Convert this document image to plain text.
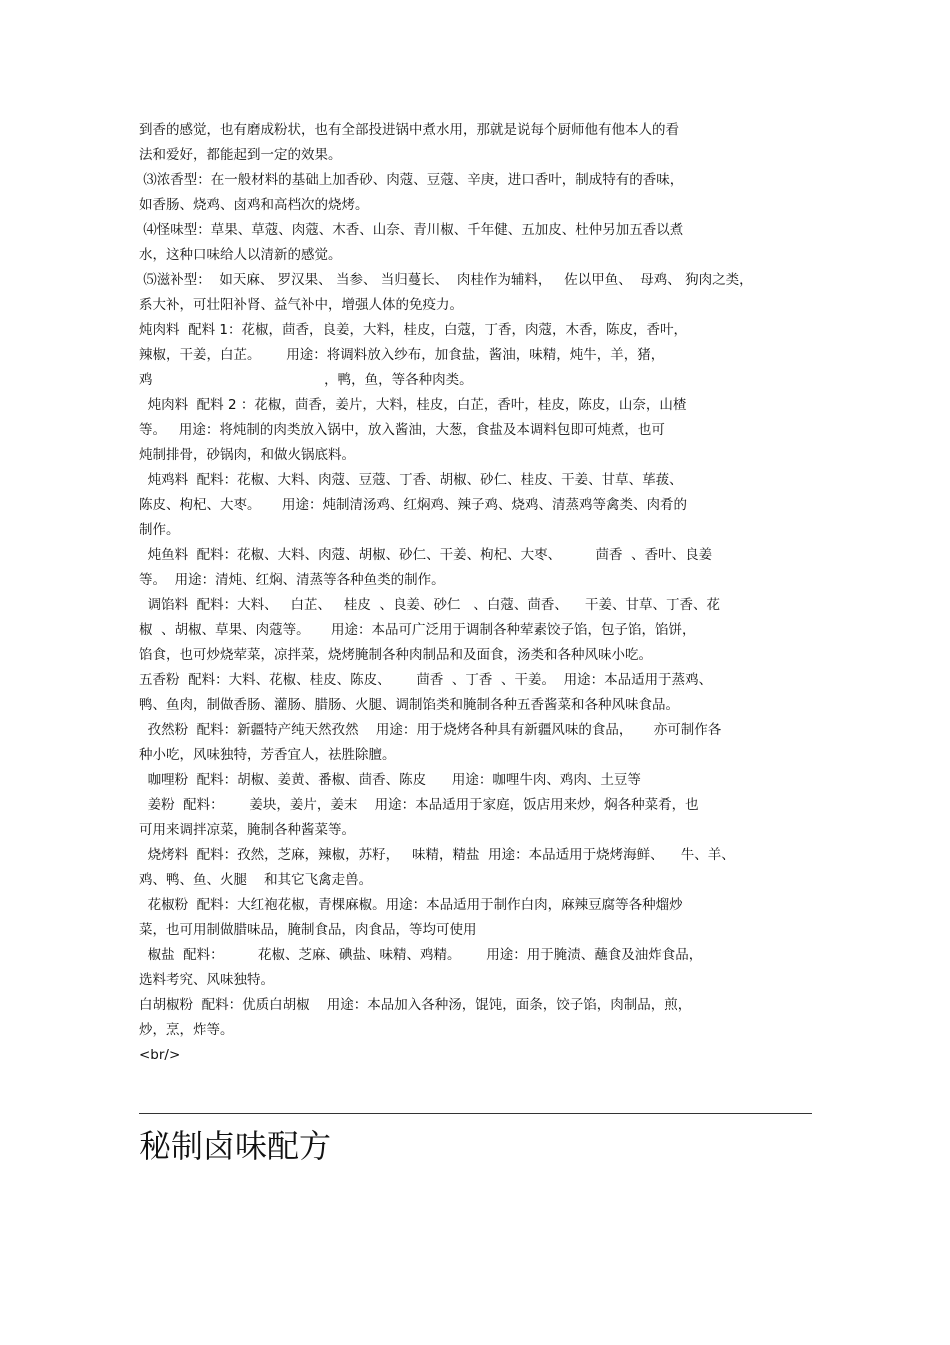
到香的感觉，也有磨成粉状，也有全部投进锅中煮水用，那就是说每个厨师他有他本人的看
法和爱好，都能起到一定的效果。
⑶浓香型：在一般材料的基础上加香砂、肉蔻、豆蔻、辛庚，进口香叶，制成特有的香味，
如香肠、烧鸡、卤鸡和高档次的烧烤。
⑷怪味型：草果、草蔻、肉蔻、木香、山奈、青川椒、千年健、五加皮、杜仲另加五香以煮
水，这种口味给人以清新的感觉。
⑸滋补型：  如天麻、 罗汉果、 当参、 当归蔓长、  肉桂作为辅料，   佐以甲鱼、  母鸡、 狗肉之类，
系大补，可壮阳补肾、益气补中，增强人体的免疫力。
炖肉料  配料 1：花椒，茴香，良姜，大料，桂皮，白蔻，丁香，肉蔻，木香，陈皮，香叶，
辣椒，干姜，白芷。      用途：将调料放入纱布，加食盐，酱油，味精，炖牛，羊，猪，
鸡                                        ，鸭，鱼，等各种肉类。
炖肉料  配料 2 ：花椒，茴香，姜片，大料，桂皮，白芷，香叶，桂皮，陈皮，山奈，山楂
等。   用途：将炖制的肉类放入锅中，放入酱油，大葱，食盐及本调料包即可炖煮，也可
炖制排骨，砂锅肉，和做火锅底料。
炖鸡料  配料：花椒、大料、肉蔻、豆蔻、丁香、胡椒、砂仁、桂皮、干姜、甘草、荜菝、
陈皮、枸杞、大枣。     用途：炖制清汤鸡、红焖鸡、辣子鸡、烧鸡、清蒸鸡等禽类、肉肴的
制作。
炖鱼料  配料：花椒、大料、肉蔻、胡椒、砂仁、干姜、枸杞、大枣、        茴香  、香叶、良姜
等。  用途：清炖、红焖、清蒸等各种鱼类的制作。
调馅料  配料：大料、   白芷、   桂皮  、良姜、砂仁   、白蔻、茴香、    干姜、甘草、丁香、花
椒  、胡椒、草果、肉蔻等。     用途：本品可广泛用于调制各种荤素饺子馅，包子馅，馅饼，
馅食，也可炒烧荤菜，凉拌菜，烧烤腌制各种肉制品和及面食，汤类和各种风味小吃。
五香粉  配料：大料、花椒、桂皮、陈皮、      茴香  、丁香  、干姜。  用途：本品适用于蒸鸡、
鸭、鱼肉，制做香肠、灌肠、腊肠、火腿、调制馅类和腌制各种五香酱菜和各种风味食品。
孜然粉  配料：新疆特产纯天然孜然    用途：用于烧烤各种具有新疆风味的食品，     亦可制作各
种小吃，风味独特，芳香宜人，祛胜除膻。
咖哩粉  配料：胡椒、姜黄、番椒、茴香、陈皮      用途：咖哩牛肉、鸡肉、土豆等
姜粉  配料：      姜块，姜片，姜末    用途：本品适用于家庭，饭店用来炒，焖各种菜肴，也
可用来调拌凉菜，腌制各种酱菜等。
烧烤料  配料：孜然，芝麻，辣椒，苏籽，   味精，精盐  用途：本品适用于烧烤海鲜、    牛、羊、
鸡、鸭、鱼、火腿    和其它飞禽走兽。
花椒粉  配料：大红袍花椒，青棵麻椒。用途：本品适用于制作白肉，麻辣豆腐等各种熘炒
菜，也可用制做腊味品，腌制食品，肉食品，等均可使用
椒盐  配料：        花椒、芝麻、碘盐、味精、鸡精。      用途：用于腌渍、蘸食及油炸食品，
选料考究、风味独特。
白胡椒粉  配料：优质白胡椒    用途：本品加入各种汤，馄饨，面条，饺子馅，肉制品，煎，
炒，烹，炸等。
<br/>
秘制卤味配方
